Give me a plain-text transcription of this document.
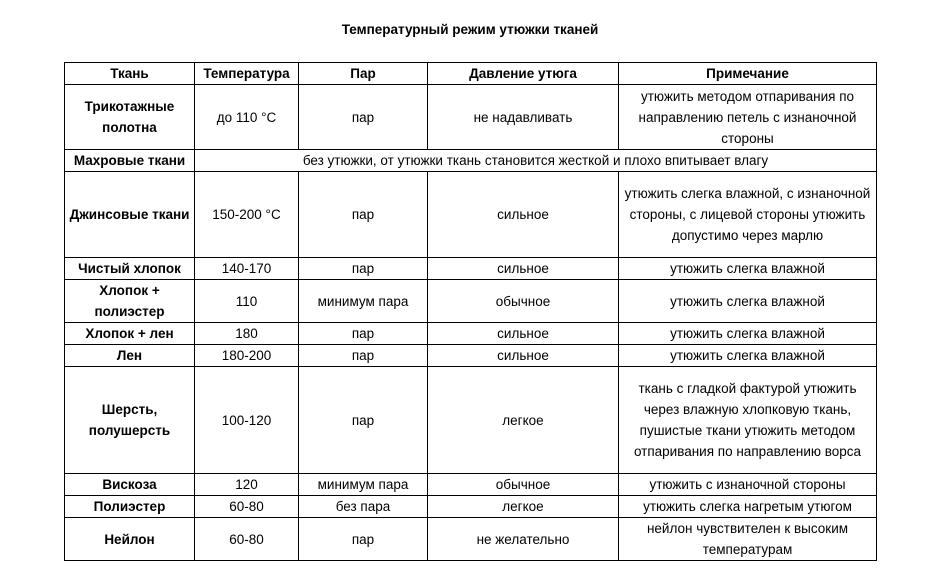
Температурный режим утюжки тканей
Ткань	Температура	Пар	Давление утюга	Примечание
Трикотажные полотна	до 110 °С	пар	не надавливать	утюжить методом отпаривания по направлению петель с изнаночной стороны
Махровые ткани	без утюжки, от утюжки ткань становится жесткой и плохо впитывает влагу			
Джинсовые ткани	150-200 °С	пар	сильное	утюжить слегка влажной, с изнаночной стороны, с лицевой стороны утюжить допустимо через марлю
Чистый хлопок	140-170	пар	сильное	утюжить слегка влажной
Хлопок + полиэстер	110	минимум пара	обычное	утюжить слегка влажной
Хлопок + лен	180	пар	сильное	утюжить слегка влажной
Лен	180-200	пар	сильное	утюжить слегка влажной
Шерсть, полушерсть	100-120	пар	легкое	ткань с гладкой фактурой утюжить через влажную хлопковую ткань, пушистые ткани утюжить методом отпаривания по направлению ворса
Вискоза	120	минимум пара	обычное	утюжить с изнаночной стороны
Полиэстер	60-80	без пара	легкое	утюжить слегка нагретым утюгом
Нейлон	60-80	пар	не желательно	нейлон чувствителен к высоким температурам
